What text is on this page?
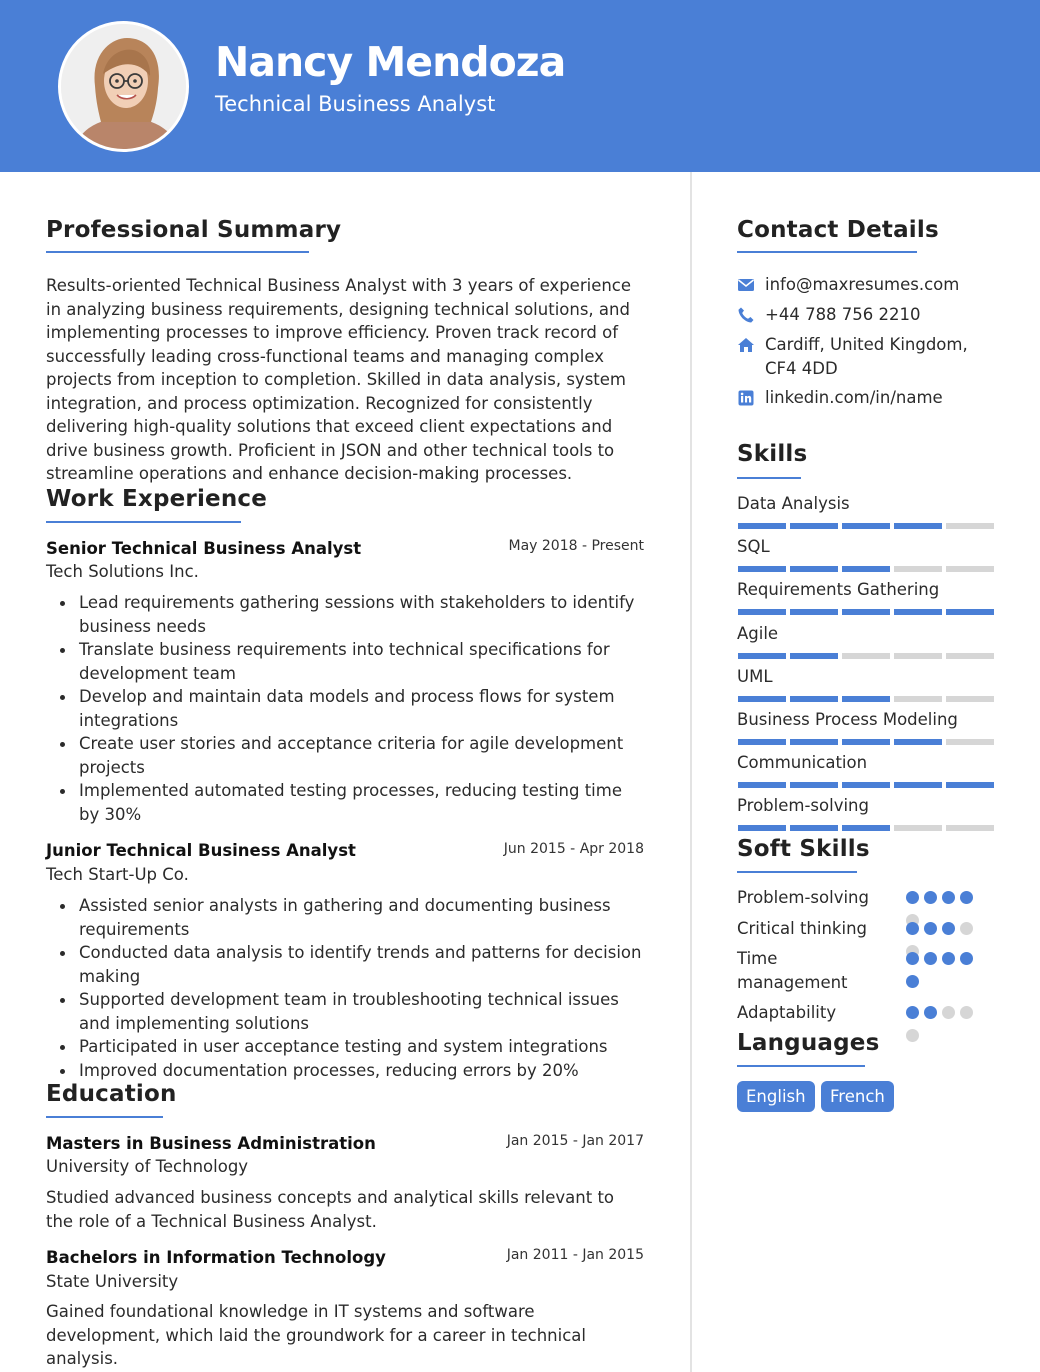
Nancy Mendoza
Technical Business Analyst
Professional Summary
Results-oriented Technical Business Analyst with 3 years of experience in analyzing business requirements, designing technical solutions, and implementing processes to improve efficiency. Proven track record of successfully leading cross-functional teams and managing complex projects from inception to completion. Skilled in data analysis, system integration, and process optimization. Recognized for consistently delivering high-quality solutions that exceed client expectations and drive business growth. Proficient in JSON and other technical tools to streamline operations and enhance decision-making processes.
Work Experience
Senior Technical Business Analyst	May 2018 - Present
Tech Solutions Inc.
Lead requirements gathering sessions with stakeholders to identify business needs
Translate business requirements into technical specifications for development team
Develop and maintain data models and process flows for system integrations
Create user stories and acceptance criteria for agile development projects
Implemented automated testing processes, reducing testing time by 30%
Junior Technical Business Analyst	Jun 2015 - Apr 2018
Tech Start-Up Co.
Assisted senior analysts in gathering and documenting business requirements
Conducted data analysis to identify trends and patterns for decision making
Supported development team in troubleshooting technical issues and implementing solutions
Participated in user acceptance testing and system integrations
Improved documentation processes, reducing errors by 20%
Education
Masters in Business Administration	Jan 2015 - Jan 2017
University of Technology
Studied advanced business concepts and analytical skills relevant to the role of a Technical Business Analyst.
Bachelors in Information Technology	Jan 2011 - Jan 2015
State University
Gained foundational knowledge in IT systems and software development, which laid the groundwork for a career in technical analysis.
Contact Details
info@maxresumes.com
+44 788 756 2210
Cardiff, United Kingdom, CF4 4DD
linkedin.com/in/name
Skills
Data Analysis
SQL
Requirements Gathering
Agile
UML
Business Process Modeling
Communication
Problem-solving
Soft Skills
Problem-solving
Critical thinking
Time management
Adaptability
Languages
English	French
